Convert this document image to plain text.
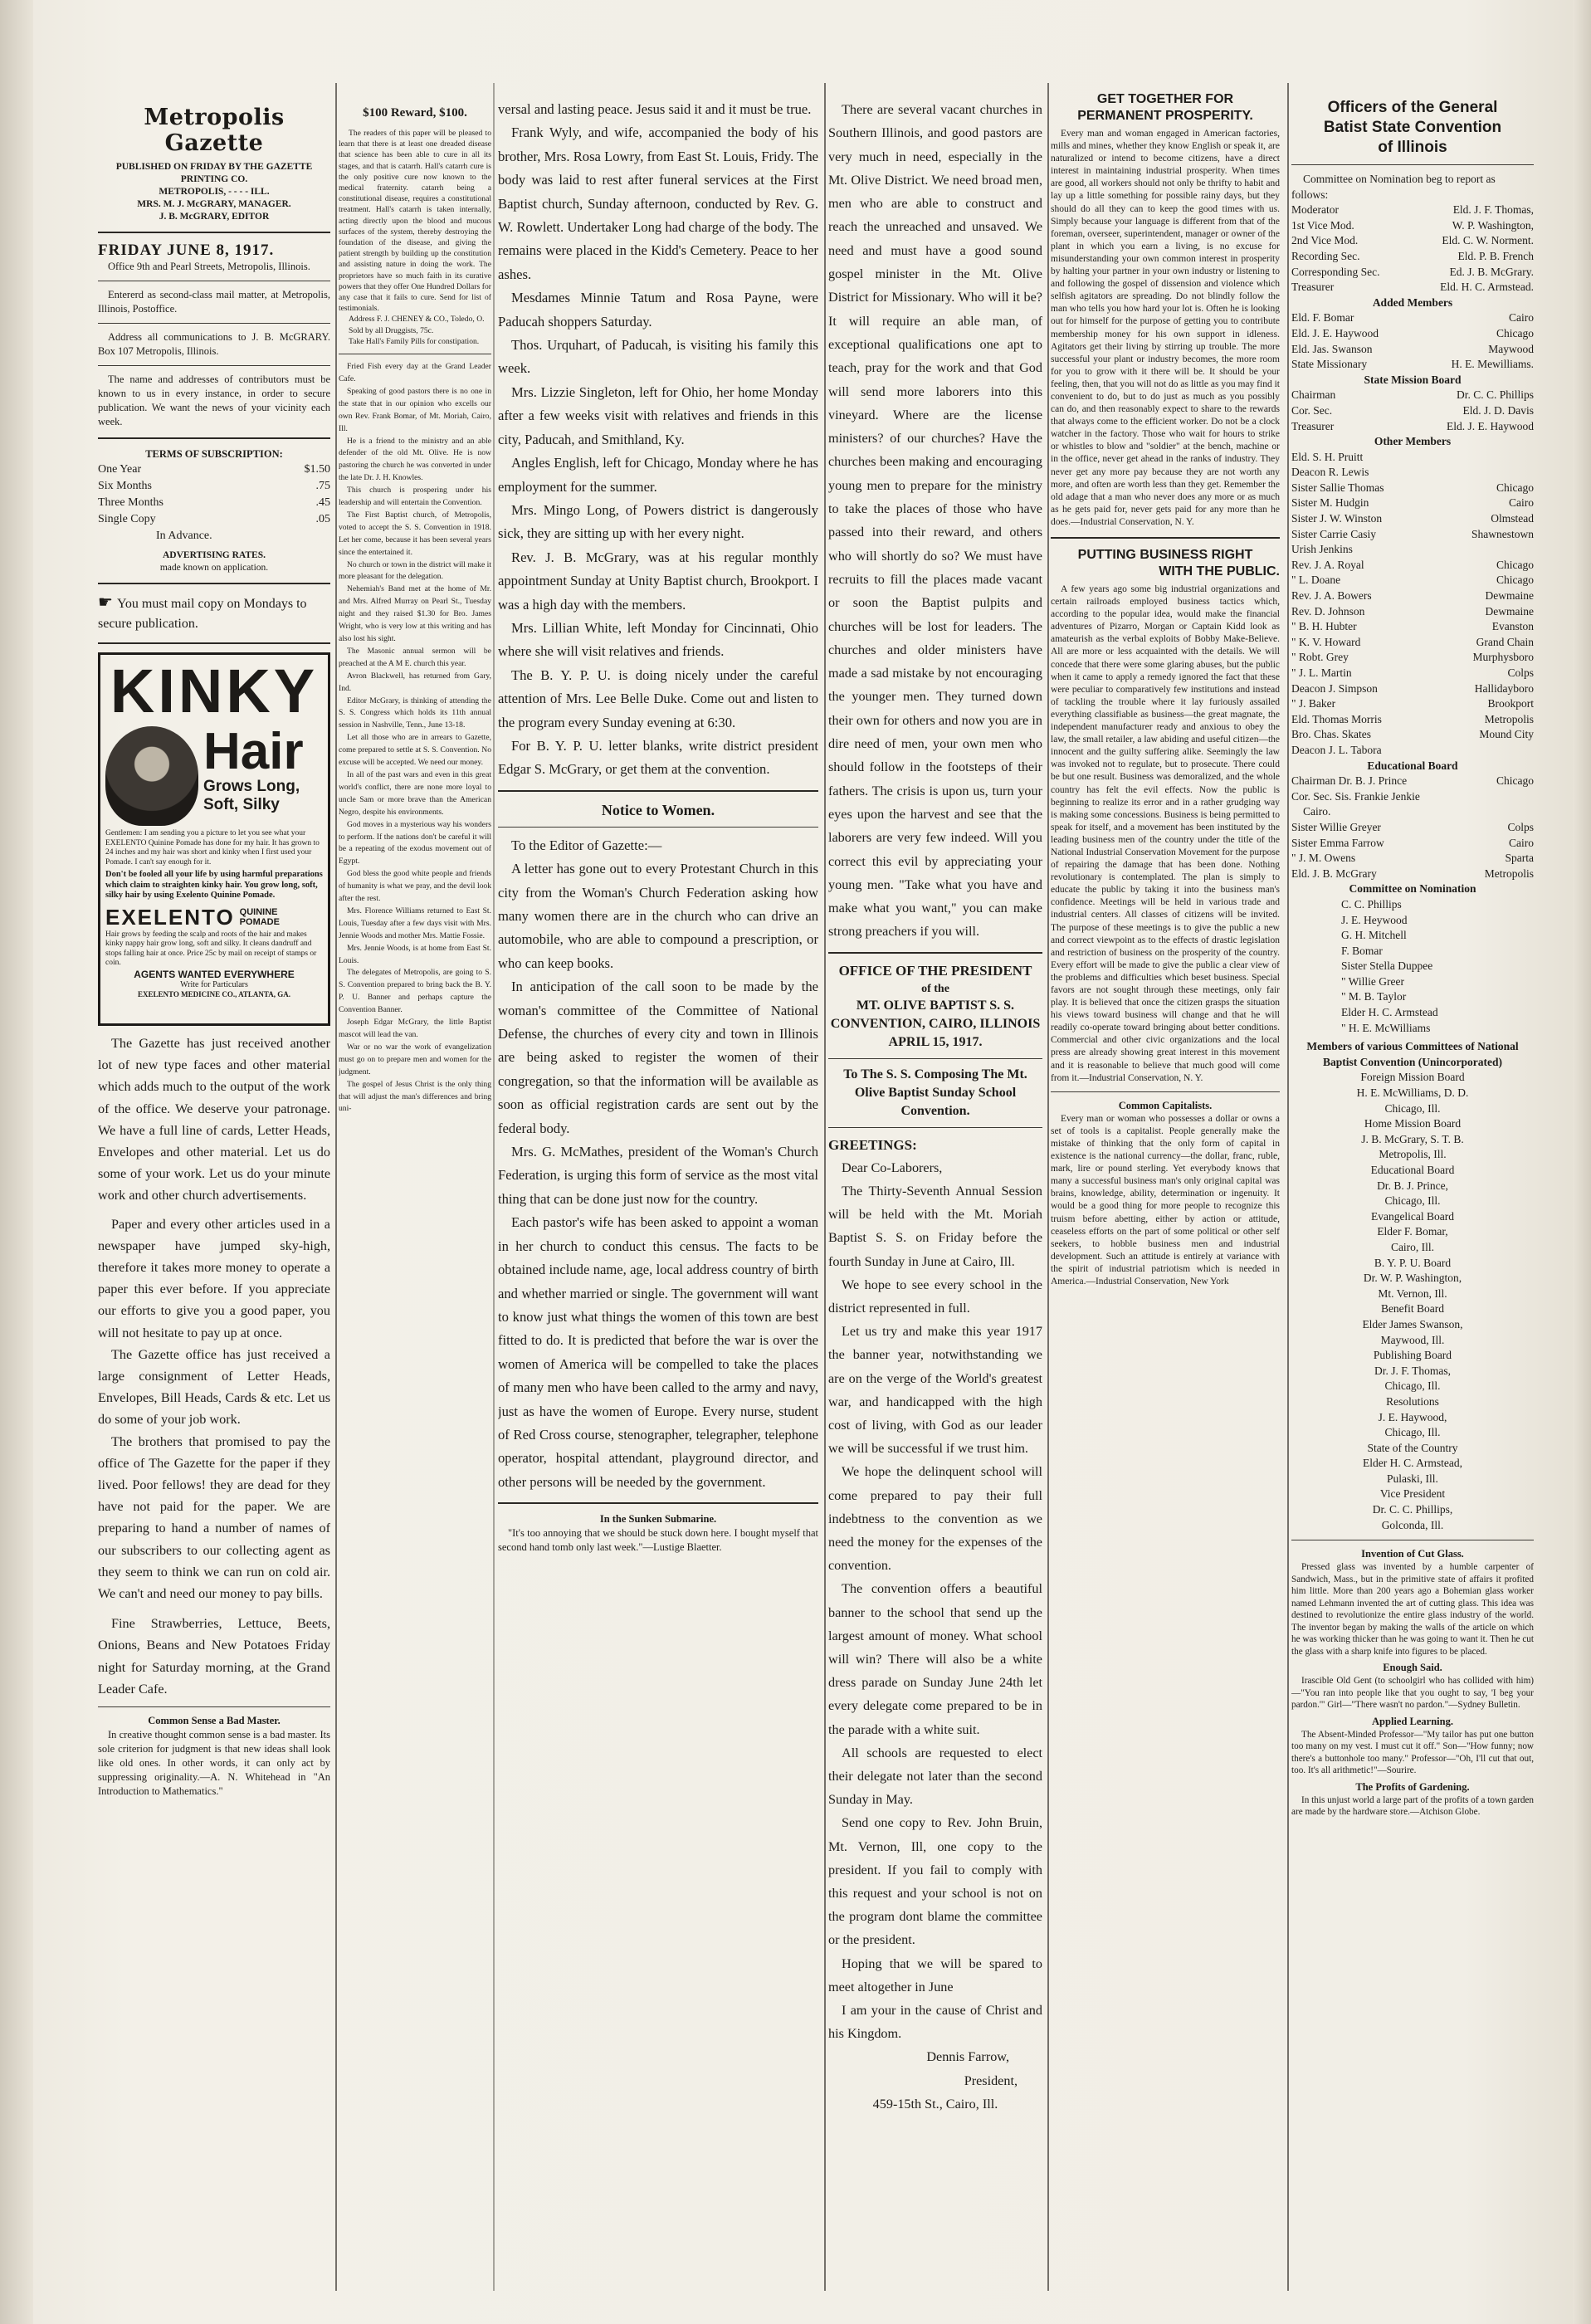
Metropolis Gazette

PUBLISHED ON FRIDAY BY THE GAZETTE PRINTING CO.

METROPOLIS, - - - - ILL.

MRS. M. J. McGRARY, MANAGER.

J. B. McGRARY, EDITOR

FRIDAY JUNE 8, 1917.

Office 9th and Pearl Streets, Metropolis, Illinois.

Entererd as second-class mail matter, at Metropolis, Illinois, Postoffice.

Address all communications to J. B. McGRARY. Box 107 Metropolis, Illinois.

The name and addresses of contributors must be known to us in every instance, in order to secure publication. We want the news of your vicinity each week.

TERMS OF SUBSCRIPTION:

One Year	$1.50
Six Months	.75
Three Months	.45
Single Copy	.05
In Advance.

ADVERTISING RATES.

made known on application.

☛ You must mail copy on Mondays to secure publication.

KINKY
Hair
Grows Long,
Soft, Silky

Gentlemen: I am sending you a picture to let you see what your EXELENTO Quinine Pomade has done for my hair. It has grown to 24 inches and my hair was short and kinky when I first used your Pomade. I can't say enough for it.

Don't be fooled all your life by using harmful preparations which claim to straighten kinky hair. You grow long, soft, silky hair by using Exelento Quinine Pomade.

EXELENTO QUININE POMADE

Hair grows by feeding the scalp and roots of the hair and makes kinky nappy hair grow long, soft and silky. It cleans dandruff and stops falling hair at once. Price 25c by mail on receipt of stamps or coin.

AGENTS WANTED EVERYWHERE

Write for Particulars

EXELENTO MEDICINE CO., ATLANTA, GA.

The Gazette has just received another lot of new type faces and other material which adds much to the output of the work of the office. We deserve your patronage. We have a full line of cards, Letter Heads, Envelopes and other material. Let us do some of your work. Let us do your minute work and other church advertisements.

Paper and every other articles used in a newspaper have jumped sky-high, therefore it takes more money to operate a paper this ever before. If you appreciate our efforts to give you a good paper, you will not hesitate to pay up at once.

The Gazette office has just received a large consignment of Letter Heads, Envelopes, Bill Heads, Cards & etc. Let us do some of your job work.

The brothers that promised to pay the office of The Gazette for the paper if they lived. Poor fellows! they are dead for they have not paid for the paper. We are preparing to hand a number of names of our subscribers to our collecting agent as they seem to think we can run on cold air. We can't and need our money to pay bills.

Fine Strawberries, Lettuce, Beets, Onions, Beans and New Potatoes Friday night for Saturday morning, at the Grand Leader Cafe.

Common Sense a Bad Master.

In creative thought common sense is a bad master. Its sole criterion for judgment is that new ideas shall look like old ones. In other words, it can only act by suppressing originality.—A. N. Whitehead in "An Introduction to Mathematics."

$100 Reward, $100.

The readers of this paper will be pleased to learn that there is at least one dreaded disease that science has been able to cure in all its stages, and that is catarrh. Hall's catarrh cure is the only positive cure now known to the medical fraternity. catarrh being a constitutional disease, requires a constitutional treatment. Hall's catarrh is taken internally, acting directly upon the blood and mucous surfaces of the system, thereby destroying the foundation of the disease, and giving the patient strength by building up the constitution and assisting nature in doing the work. The proprietors have so much faith in its curative powers that they offer One Hundred Dollars for any case that it fails to cure. Send for list of testimonials.

Address F. J. CHENEY & CO., Toledo, O.

Sold by all Druggists, 75c.

Take Hall's Family Pills for constipation.

Fried Fish every day at the Grand Leader Cafe.

Speaking of good pastors there is no one in the state that in our opinion who excells our own Rev. Frank Bomar, of Mt. Moriah, Cairo, Ill.

He is a friend to the ministry and an able defender of the old Mt. Olive. He is now pastoring the church he was converted in under the late Dr. J. H. Knowles.

This church is prospering under his leadership and will entertain the Convention.

The First Baptist church, of Metropolis, voted to accept the S. S. Convention in 1918. Let her come, because it has been several years since the entertained it.

No church or town in the district will make it more pleasant for the delegation.

Nehemiah's Band met at the home of Mr. and Mrs. Alfred Murray on Pearl St., Tuesday night and they raised $1.30 for Bro. James Wright, who is very low at this writing and has also lost his sight.

The Masonic annual sermon will be preached at the A M E. church this year.

Avron Blackwell, has returned from Gary, Ind.

Editor McGrary, is thinking of attending the S. S. Congress which holds its 11th annual session in Nashville, Tenn., June 13-18.

Let all those who are in arrears to Gazette, come prepared to settle at S. S. Convention. No excuse will be accepted. We need our money.

In all of the past wars and even in this great world's conflict, there are none more loyal to uncle Sam or more brave than the American Negro, despite his environments.

God moves in a mysterious way his wonders to perform. If the nations don't be careful it will be a repeating of the exodus movement out of Egypt.

God bless the good white people and friends of humanity is what we pray, and the devil look after the rest.

Mrs. Florence Williams returned to East St. Louis, Tuesday after a few days visit with Mrs. Jennie Woods and mother Mrs. Mattie Fossie.

Mrs. Jennie Woods, is at home from East St. Louis.

The delegates of Metropolis, are going to S. S. Convention prepared to bring back the B. Y. P. U. Banner and perhaps capture the Convention Banner.

Joseph Edgar McGrary, the little Baptist mascot will lead the van.

War or no war the work of evangelization must go on to prepare men and women for the judgment.

The gospel of Jesus Christ is the only thing that will adjust the man's differences and bring uni-

versal and lasting peace. Jesus said it and it must be true.

Frank Wyly, and wife, accompanied the body of his brother, Mrs. Rosa Lowry, from East St. Louis, Fridy. The body was laid to rest after funeral services at the First Baptist church, Sunday afternoon, conducted by Rev. G. W. Rowlett. Undertaker Long had charge of the body. The remains were placed in the Kidd's Cemetery. Peace to her ashes.

Mesdames Minnie Tatum and Rosa Payne, were Paducah shoppers Saturday.

Thos. Urquhart, of Paducah, is visiting his family this week.

Mrs. Lizzie Singleton, left for Ohio, her home Monday after a few weeks visit with relatives and friends in this city, Paducah, and Smithland, Ky.

Angles English, left for Chicago, Monday where he has employment for the summer.

Mrs. Mingo Long, of Powers district is dangerously sick, they are sitting up with her every night.

Rev. J. B. McGrary, was at his regular monthly appointment Sunday at Unity Baptist church, Brookport. I was a high day with the members.

Mrs. Lillian White, left Monday for Cincinnati, Ohio where she will visit relatives and friends.

The B. Y. P. U. is doing nicely under the careful attention of Mrs. Lee Belle Duke. Come out and listen to the program every Sunday evening at 6:30.

For B. Y. P. U. letter blanks, write district president Edgar S. McGrary, or get them at the convention.

Notice to Women.

To the Editor of Gazette:—

A letter has gone out to every Protestant Church in this city from the Woman's Church Federation asking how many women there are in the church who can drive an automobile, who are able to compound a prescription, or who can keep books.

In anticipation of the call soon to be made by the woman's committee of the Committee of National Defense, the churches of every city and town in Illinois are being asked to register the women of their congregation, so that the information will be available as soon as official registration cards are sent out by the federal body.

Mrs. G. McMathes, president of the Woman's Church Federation, is urging this form of service as the most vital thing that can be done just now for the country.

Each pastor's wife has been asked to appoint a woman in her church to conduct this census. The facts to be obtained include name, age, local address country of birth and whether married or single. The government will want to know just what things the women of this town are best fitted to do. It is predicted that before the war is over the women of America will be compelled to take the places of many men who have been called to the army and navy, just as have the women of Europe. Every nurse, student of Red Cross course, stenographer, telegrapher, telephone operator, hospital attendant, playground director, and other persons will be needed by the government.

In the Sunken Submarine.

"It's too annoying that we should be stuck down here. I bought myself that second hand tomb only last week."—Lustige Blaetter.

There are several vacant churches in Southern Illinois, and good pastors are very much in need, especially in the Mt. Olive District. We need broad men, men who are able to construct and reach the unreached and unsaved. We need and must have a good sound gospel minister in the Mt. Olive District for Missionary. Who will it be? It will require an able man, of exceptional qualifications one apt to teach, pray for the work and that God will send more laborers into this vineyard. Where are the license ministers? of our churches? Have the churches been making and encouraging young men to prepare for the ministry to take the places of those who have passed into their reward, and others who will shortly do so? We must have recruits to fill the places made vacant or soon the Baptist pulpits and churches will be lost for leaders. The churches and older ministers have made a sad mistake by not encouraging the younger men. They turned down their own for others and now you are in dire need of men, your own men who should follow in the footsteps of their fathers. The crisis is upon us, turn your eyes upon the harvest and see that the laborers are very few indeed. Will you correct this evil by appreciating your young men. "Take what you have and make what you want," you can make strong preachers if you will.

OFFICE OF THE PRESIDENT

of the

MT. OLIVE BAPTIST S. S. CONVENTION, CAIRO, ILLINOIS

APRIL 15, 1917.

To The S. S. Composing The Mt. Olive Baptist Sunday School Convention.

GREETINGS:

Dear Co-Laborers,

The Thirty-Seventh Annual Session will be held with the Mt. Moriah Baptist S. S. on Friday before the fourth Sunday in June at Cairo, Ill.

We hope to see every school in the district represented in full.

Let us try and make this year 1917 the banner year, notwithstanding we are on the verge of the World's greatest war, and handicapped with the high cost of living, with God as our leader we will be successful if we trust him.

We hope the delinquent school will come prepared to pay their full indebtness to the convention as we need the money for the expenses of the convention.

The convention offers a beautiful banner to the school that send up the largest amount of money. What school will win? There will also be a white dress parade on Sunday June 24th let every delegate come prepared to be in the parade with a white suit.

All schools are requested to elect their delegate not later than the second Sunday in May.

Send one copy to Rev. John Bruin, Mt. Vernon, Ill, one copy to the president. If you fail to comply with this request and your school is not on the program dont blame the committee or the president.

Hoping that we will be spared to meet altogether in June

I am your in the cause of Christ and his Kingdom.

Dennis Farrow,

President,

459-15th St., Cairo, Ill.

GET TOGETHER FOR

PERMANENT PROSPERITY.

Every man and woman engaged in American factories, mills and mines, whether they know English or speak it, are naturalized or intend to become citizens, have a direct interest in maintaining industrial prosperity. When times are good, all workers should not only be thrifty to habit and lay up a little something for possible rainy days, but they should do all they can to keep the good times with us. Simply because your language is different from that of the foreman, overseer, superintendent, manager or owner of the plant in which you earn a living, is no excuse for misunderstanding your own common interest in prosperity by halting your partner in your own industry or listening to and following the gospel of dissension and violence which selfish agitators are spreading. Do not blindly follow the man who tells you how hard your lot is. Often he is looking out for himself for the purpose of getting you to contribute membership money for his own support in idleness. Agitators get their living by stirring up trouble. The more successful your plant or industry becomes, the more room for you to grow with it there will be. It should be your feeling, then, that you will not do as little as you may find it convenient to do, but to do just as much as you possibly can do, and then reasonably expect to share to the rewards that always come to the efficient worker. Do not be a clock watcher in the factory. Those who wait for hours to strike or whistles to blow and "soldier" at the bench, machine or in the office, never get ahead in the ranks of industry. They never get any more pay because they are not worth any more, and often are worth less than they get. Remember the old adage that a man who never does any more or as much as he gets paid for, never gets paid for any more than he does.—Industrial Conservation, N. Y.

PUTTING BUSINESS RIGHT

WITH THE PUBLIC.

A few years ago some big industrial organizations and certain railroads employed business tactics which, according to the popular idea, would make the financial adventures of Pizarro, Morgan or Captain Kidd look as amateurish as the verbal exploits of Bobby Make-Believe. All are more or less acquainted with the details. We will concede that there were some glaring abuses, but the public when it came to apply a remedy ignored the fact that these were peculiar to comparatively few institutions and instead of tackling the trouble where it lay furiously assailed everything classifiable as business—the great magnate, the independent manufacturer ready and anxious to obey the law, the small retailer, a law abiding and useful citizen—the innocent and the guilty suffering alike. Seemingly the law was invoked not to regulate, but to prosecute. There could be but one result. Business was demoralized, and the whole country has felt the evil effects. Now the public is beginning to realize its error and in a rather grudging way is making some concessions. Business is being permitted to speak for itself, and a movement has been instituted by the leading business men of the country under the title of the National Industrial Conservation Movement for the purpose of repairing the damage that has been done. Nothing revolutionary is contemplated. The plan is simply to educate the public by taking it into the business man's confidence. Meetings will be held in various trade and industrial centers. All classes of citizens will be invited. The purpose of these meetings is to give the public a new and correct viewpoint as to the effects of drastic legislation and restriction of business on the prosperity of the country. Every effort will be made to give the public a clear view of the problems and difficulties which beset business. Special favors are not sought through these meetings, only fair play. It is believed that once the citizen grasps the situation his views toward business will change and that he will readily co-operate toward bringing about better conditions. Commercial and other civic organizations and the local press are already showing great interest in this movement and it is reasonable to believe that much good will come from it.—Industrial Conservation, N. Y.

Common Capitalists.

Every man or woman who possesses a dollar or owns a set of tools is a capitalist. People generally make the mistake of thinking that the only form of capital in existence is the national currency—the dollar, franc, ruble, mark, lire or pound sterling. Yet everybody knows that many a successful business man's only original capital was brains, knowledge, ability, determination or ingenuity. It would be a good thing for more people to recognize this truism before abetting, either by action or attitude, ceaseless efforts on the part of some political or other self seekers, to hobble business men and industrial development. Such an attitude is entirely at variance with the spirit of industrial patriotism which is needed in America.—Industrial Conservation, New York

Officers of the General

Batist State Convention

of Illinois

Committee on Nomination beg to report as follows:

Moderator	Eld. J. F. Thomas,
1st Vice Mod.	W. P. Washington,
2nd Vice Mod.	Eld. C. W. Norment.
Recording Sec.	Eld. P. B. French
Corresponding Sec.	Ed. J. B. McGrary.
Treasurer	Eld. H. C. Armstead.
Added Members
Eld. F. Bomar	Cairo
Eld. J. E. Haywood	Chicago
Eld. Jas. Swanson	Maywood
State Missionary	H. E. Mewilliams.
State Mission Board
Chairman	Dr. C. C. Phillips
Cor. Sec.	Eld. J. D. Davis
Treasurer	Eld. J. E. Haywood
Other Members
Eld. S. H. Pruitt
Deacon R. Lewis
Sister Sallie Thomas	Chicago
Sister M. Hudgin	Cairo
Sister J. W. Winston	Olmstead
Sister Carrie Casiy	Shawnestown
Urish Jenkins
Rev. J. A. Royal	Chicago
" L. Doane	Chicago
Rev. J. A. Bowers	Dewmaine
Rev. D. Johnson	Dewmaine
" B. H. Hubter	Evanston
" K. V. Howard	Grand Chain
" Robt. Grey	Murphysboro
" J. L. Martin	Colps
Deacon J. Simpson	Hallidayboro
" J. Baker	Brookport
Eld. Thomas Morris	Metropolis
Bro. Chas. Skates	Mound City
Deacon J. L. Tabora
Educational Board
Chairman Dr. B. J. Prince	Chicago
Cor. Sec. Sis. Frankie Jenkie
Cairo.
Sister Willie Greyer	Colps
Sister Emma Farrow	Cairo
" J. M. Owens	Sparta
Eld. J. B. McGrary	Metropolis
Committee on Nomination
C. C. Phillips
J. E. Heywood
G. H. Mitchell
F. Bomar
Sister Stella Duppee
" Willie Greer
" M. B. Taylor
Elder H. C. Armstead
" H. E. McWilliams
Members of various Committees of National Baptist Convention (Unincorporated)
Foreign Mission Board
H. E. McWilliams, D. D.
Chicago, Ill.
Home Mission Board
J. B. McGrary, S. T. B.
Metropolis, Ill.
Educational Board
Dr. B. J. Prince,
Chicago, Ill.
Evangelical Board
Elder F. Bomar,
Cairo, Ill.
B. Y. P. U. Board
Dr. W. P. Washington,
Mt. Vernon, Ill.
Benefit Board
Elder James Swanson,
Maywood, Ill.
Publishing Board
Dr. J. F. Thomas,
Chicago, Ill.
Resolutions
J. E. Haywood,
Chicago, Ill.
State of the Country
Elder H. C. Armstead,
Pulaski, Ill.
Vice President
Dr. C. C. Phillips,
Golconda, Ill.

Invention of Cut Glass.

Pressed glass was invented by a humble carpenter of Sandwich, Mass., but in the primitive state of affairs it profited him little. More than 200 years ago a Bohemian glass worker named Lehmann invented the art of cutting glass. This idea was destined to revolutionize the entire glass industry of the world. The inventor began by making the walls of the article on which he was working thicker than he was going to want it. Then he cut the glass with a sharp knife into figures to be placed.

Enough Said.

Irascible Old Gent (to schoolgirl who has collided with him)—"You ran into people like that you ought to say, 'I beg your pardon.'" Girl—"There wasn't no pardon."—Sydney Bulletin.

Applied Learning.

The Absent-Minded Professor—"My tailor has put one button too many on my vest. I must cut it off." Son—"How funny; now there's a buttonhole too many." Professor—"Oh, I'll cut that out, too. It's all arithmetic!"—Sourire.

The Profits of Gardening.

In this unjust world a large part of the profits of a town garden are made by the hardware store.—Atchison Globe.
